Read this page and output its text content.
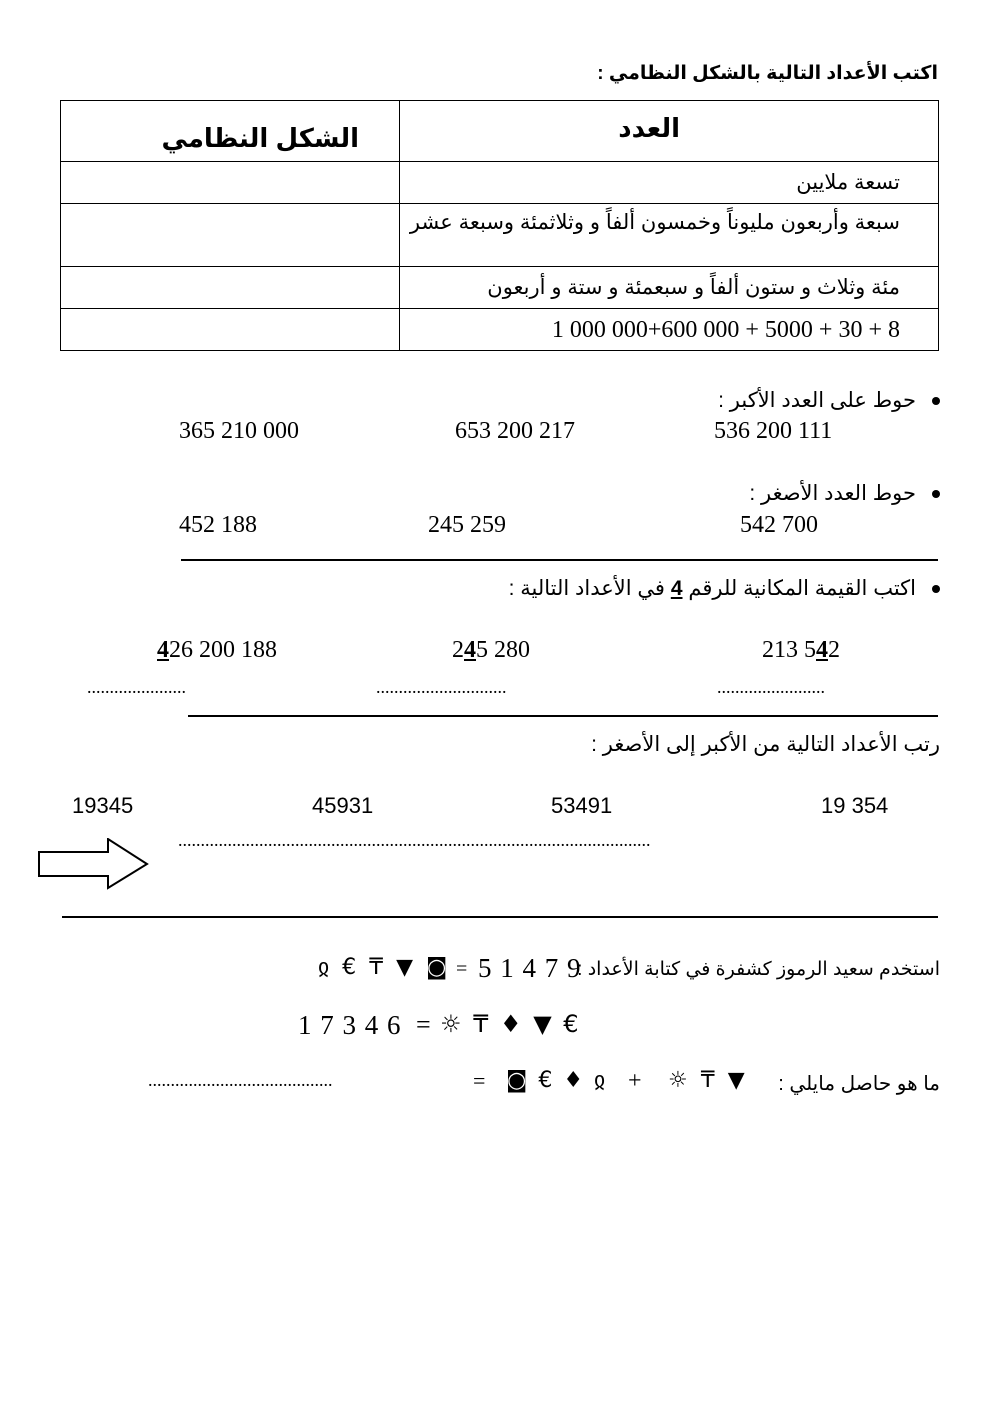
اكتب الأعداد التالية بالشكل النظامي :
الشكل النظامي	العدد

	تسعة ملايين

	سبعة وأربعون مليوناً وخمسون ألفاً و وثلاثمئة وسبعة عشر

	مئة وثلاث و ستون ألفاً و سبعمئة و ستة و أربعون

	1 000 000+600 000 + 5000 + 30 + 8
حوط على العدد الأكبر :
536 200 111
653 200 217
365 210 000
حوط العدد الأصغر :
542 700
245 259
452 188
اكتب القيمة المكانية للرقم 4 في الأعداد التالية :
213 542
245 280
426 200 188
........................
.............................
......................
رتب الأعداد التالية من الأكبر إلى الأصغر :
19 354
53491
45931
19345
.........................................................................................................
استخدم سعيد الرموز كشفرة في كتابة الأعداد :
5 1 4 7 9
=
◙ ▼ ₸ € ჲ
1 7 3 4 6 = € ▼ ♦ ₸ ☼
ما هو حاصل مايلي :
▼ ₸ ☼
+
ჲ ♦ € ◙
=
.........................................
